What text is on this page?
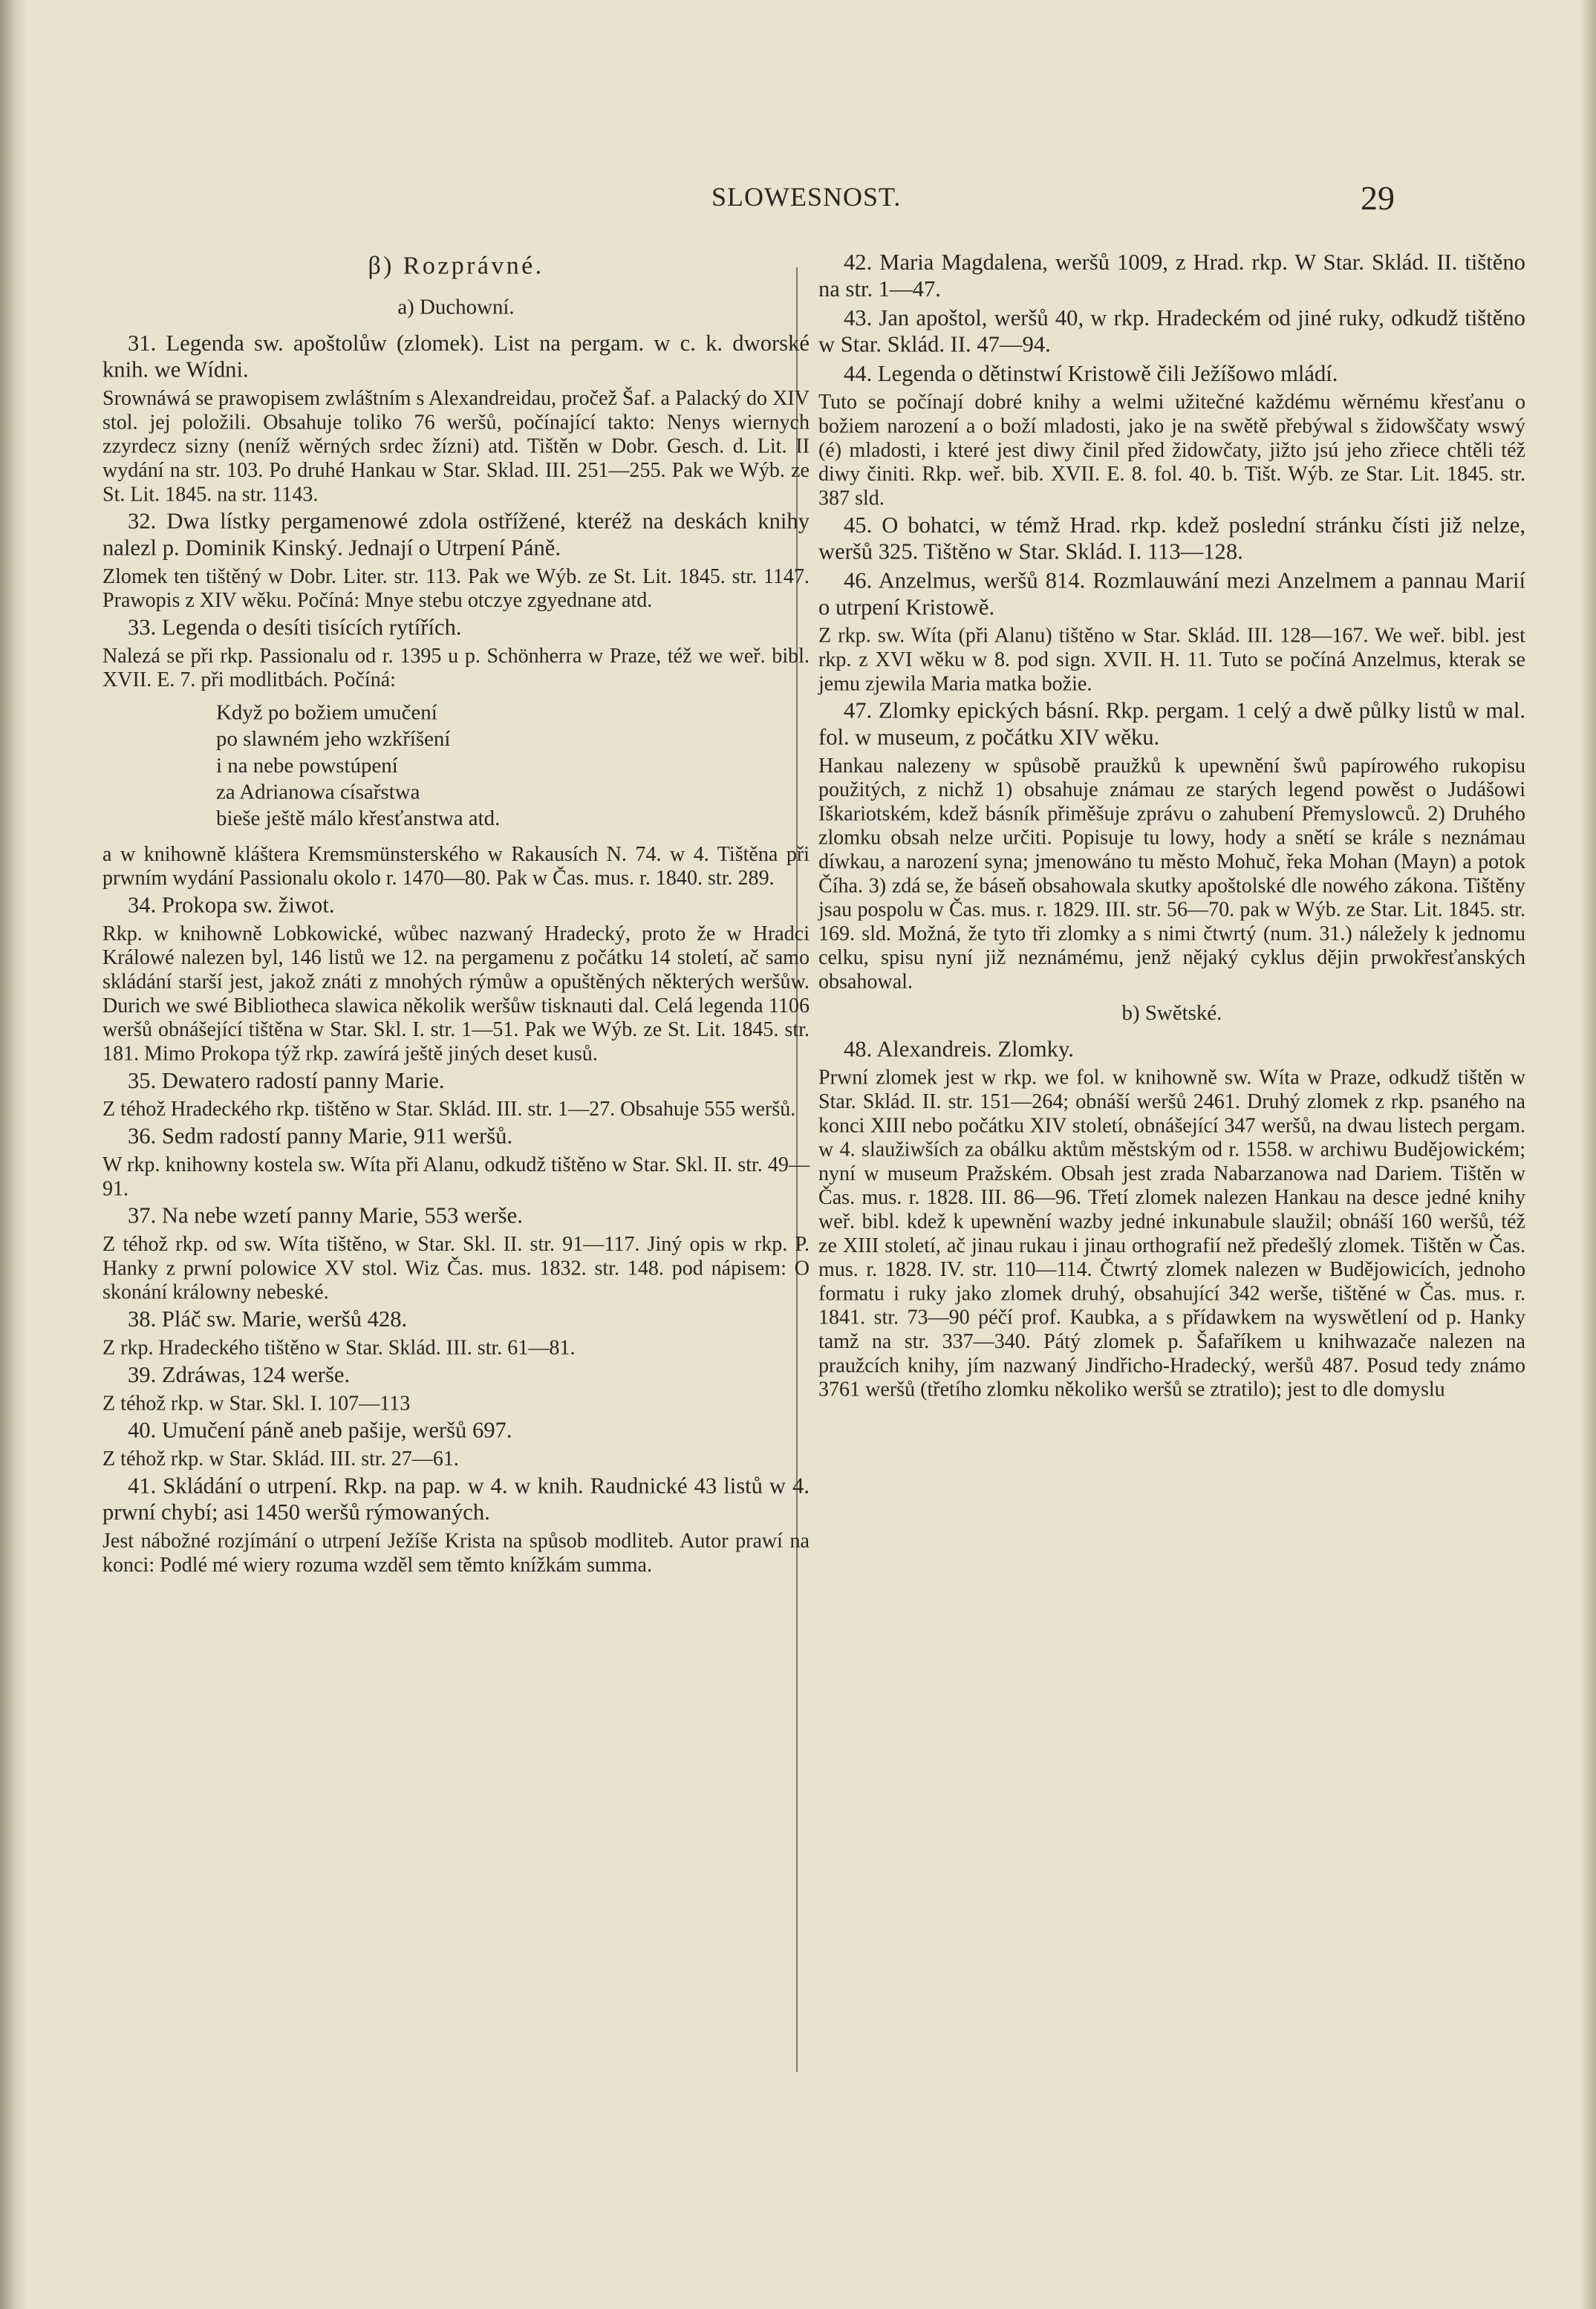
SLOWESNOST.	29

β) Rozprávné.

a) Duchowní.

31. Legenda sw. apoštolůw (zlomek). List na pergam. w c. k. dworské knih. we Wídni.

Srownáwá se prawopisem zwláštním s Alexandreidau, pročež Šaf. a Palacký do XIV stol. jej položili. Obsahuje toliko 76 weršů, počínající takto: Nenys wiernych zzyrdecz sizny (neníž wěrných srdec žízni) atd. Tištěn w Dobr. Gesch. d. Lit. II wydání na str. 103. Po druhé Hankau w Star. Sklad. III. 251—255. Pak we Wýb. ze St. Lit. 1845. na str. 1143.

32. Dwa lístky pergamenowé zdola ostřížené, kteréž na deskách knihy nalezl p. Dominik Kinský. Jednají o Utrpení Páně.

Zlomek ten tištěný w Dobr. Liter. str. 113. Pak we Wýb. ze St. Lit. 1845. str. 1147. Prawopis z XIV wěku. Počíná: Mnye stebu otczye zgyednane atd.

33. Legenda o desíti tisících rytířích.

Nalezá se při rkp. Passionalu od r. 1395 u p. Schönherra w Praze, též we weř. bibl. XVII. E. 7. při modlitbách. Počíná:

Když po božiem umučení
po slawném jeho wzkříšení
i na nebe powstúpení
za Adrianowa císařstwa
bieše ještě málo křesťanstwa atd.

a w knihowně kláštera Kremsmünsterského w Rakausích N. 74. w 4. Tištěna při prwním wydání Passionalu okolo r. 1470—80. Pak w Čas. mus. r. 1840. str. 289.

34. Prokopa sw. žiwot.

Rkp. w knihowně Lobkowické, wůbec nazwaný Hradecký, proto že w Hradci Králowé nalezen byl, 146 listů we 12. na pergamenu z počátku 14 století, ač samo skládání starší jest, jakož znáti z mnohých rýmůw a opuštěných některých weršůw. Durich we swé Bibliotheca slawica několik weršůw tisknauti dal. Celá legenda 1106 weršů obnášející tištěna w Star. Skl. I. str. 1—51. Pak we Wýb. ze St. Lit. 1845. str. 181. Mimo Prokopa týž rkp. zawírá ještě jiných deset kusů.

35. Dewatero radostí panny Marie.

Z téhož Hradeckého rkp. tištěno w Star. Sklád. III. str. 1—27. Obsahuje 555 weršů.

36. Sedm radostí panny Marie, 911 weršů.

W rkp. knihowny kostela sw. Wíta při Alanu, odkudž tištěno w Star. Skl. II. str. 49—91.

37. Na nebe wzetí panny Marie, 553 werše.

Z téhož rkp. od sw. Wíta tištěno, w Star. Skl. II. str. 91—117. Jiný opis w rkp. P. Hanky z prwní polowice XV stol. Wiz Čas. mus. 1832. str. 148. pod nápisem: O skonání králowny nebeské.

38. Pláč sw. Marie, weršů 428.

Z rkp. Hradeckého tištěno w Star. Sklád. III. str. 61—81.

39. Zdráwas, 124 werše.

Z téhož rkp. w Star. Skl. I. 107—113

40. Umučení páně aneb pašije, weršů 697.

Z téhož rkp. w Star. Sklád. III. str. 27—61.

41. Skládání o utrpení. Rkp. na pap. w 4. w knih. Raudnické 43 listů w 4. prwní chybí; asi 1450 weršů rýmowaných.

Jest nábožné rozjímání o utrpení Ježíše Krista na spůsob modliteb. Autor prawí na konci: Podlé mé wiery rozuma wzděl sem těmto knížkám summa.

42. Maria Magdalena, weršů 1009, z Hrad. rkp. W Star. Sklád. II. tištěno na str. 1—47.

43. Jan apoštol, weršů 40, w rkp. Hradeckém od jiné ruky, odkudž tištěno w Star. Sklád. II. 47—94.

44. Legenda o dětinstwí Kristowě čili Ježíšowo mládí.

Tuto se počínají dobré knihy a welmi užitečné každému wěrnému křesťanu o božiem narození a o boží mladosti, jako je na swětě přebýwal s židowščaty wswý (é) mladosti, i které jest diwy činil před židowčaty, jižto jsú jeho zřiece chtěli též diwy činiti. Rkp. weř. bib. XVII. E. 8. fol. 40. b. Tišt. Wýb. ze Star. Lit. 1845. str. 387 sld.

45. O bohatci, w témž Hrad. rkp. kdež poslední stránku čísti již nelze, weršů 325. Tištěno w Star. Sklád. I. 113—128.

46. Anzelmus, weršů 814. Rozmlauwání mezi Anzelmem a pannau Marií o utrpení Kristowě.

Z rkp. sw. Wíta (při Alanu) tištěno w Star. Sklád. III. 128—167. We weř. bibl. jest rkp. z XVI wěku w 8. pod sign. XVII. H. 11. Tuto se počíná Anzelmus, kterak se jemu zjewila Maria matka božie.

47. Zlomky epických básní. Rkp. pergam. 1 celý a dwě půlky listů w mal. fol. w museum, z počátku XIV wěku.

Hankau nalezeny w spůsobě praužků k upewnění šwů papírowého rukopisu použitých, z nichž 1) obsahuje známau ze starých legend powěst o Judášowi Iškariotském, kdež básník přiměšuje zprávu o zahubení Přemyslowců. 2) Druhého zlomku obsah nelze určiti. Popisuje tu lowy, hody a snětí se krále s neznámau díwkau, a narození syna; jmenowáno tu město Mohuč, řeka Mohan (Mayn) a potok Číha. 3) zdá se, že báseň obsahowala skutky apoštolské dle nowého zákona. Tištěny jsau pospolu w Čas. mus. r. 1829. III. str. 56—70. pak w Wýb. ze Star. Lit. 1845. str. 169. sld. Možná, že tyto tři zlomky a s nimi čtwrtý (num. 31.) náležely k jednomu celku, spisu nyní již neznámému, jenž nějaký cyklus dějin prwokřesťanských obsahowal.

b) Swětské.

48. Alexandreis. Zlomky.

Prwní zlomek jest w rkp. we fol. w knihowně sw. Wíta w Praze, odkudž tištěn w Star. Sklád. II. str. 151—264; obnáší weršů 2461. Druhý zlomek z rkp. psaného na konci XIII nebo počátku XIV století, obnášející 347 weršů, na dwau listech pergam. w 4. slaužiwších za obálku aktům městským od r. 1558. w archiwu Budějowickém; nyní w museum Pražském. Obsah jest zrada Nabarzanowa nad Dariem. Tištěn w Čas. mus. r. 1828. III. 86—96. Třetí zlomek nalezen Hankau na desce jedné knihy weř. bibl. kdež k upewnění wazby jedné inkunabule slaužil; obnáší 160 weršů, též ze XIII století, ač jinau rukau i jinau orthografií než předešlý zlomek. Tištěn w Čas. mus. r. 1828. IV. str. 110—114. Čtwrtý zlomek nalezen w Budějowicích, jednoho formatu i ruky jako zlomek druhý, obsahující 342 werše, tištěné w Čas. mus. r. 1841. str. 73—90 péčí prof. Kaubka, a s přídawkem na wyswětlení od p. Hanky tamž na str. 337—340. Pátý zlomek p. Šafaříkem u knihwazače nalezen na praužcích knihy, jím nazwaný Jindřicho-Hradecký, weršů 487. Posud tedy známo 3761 weršů (třetího zlomku několiko weršů se ztratilo); jest to dle domyslu
